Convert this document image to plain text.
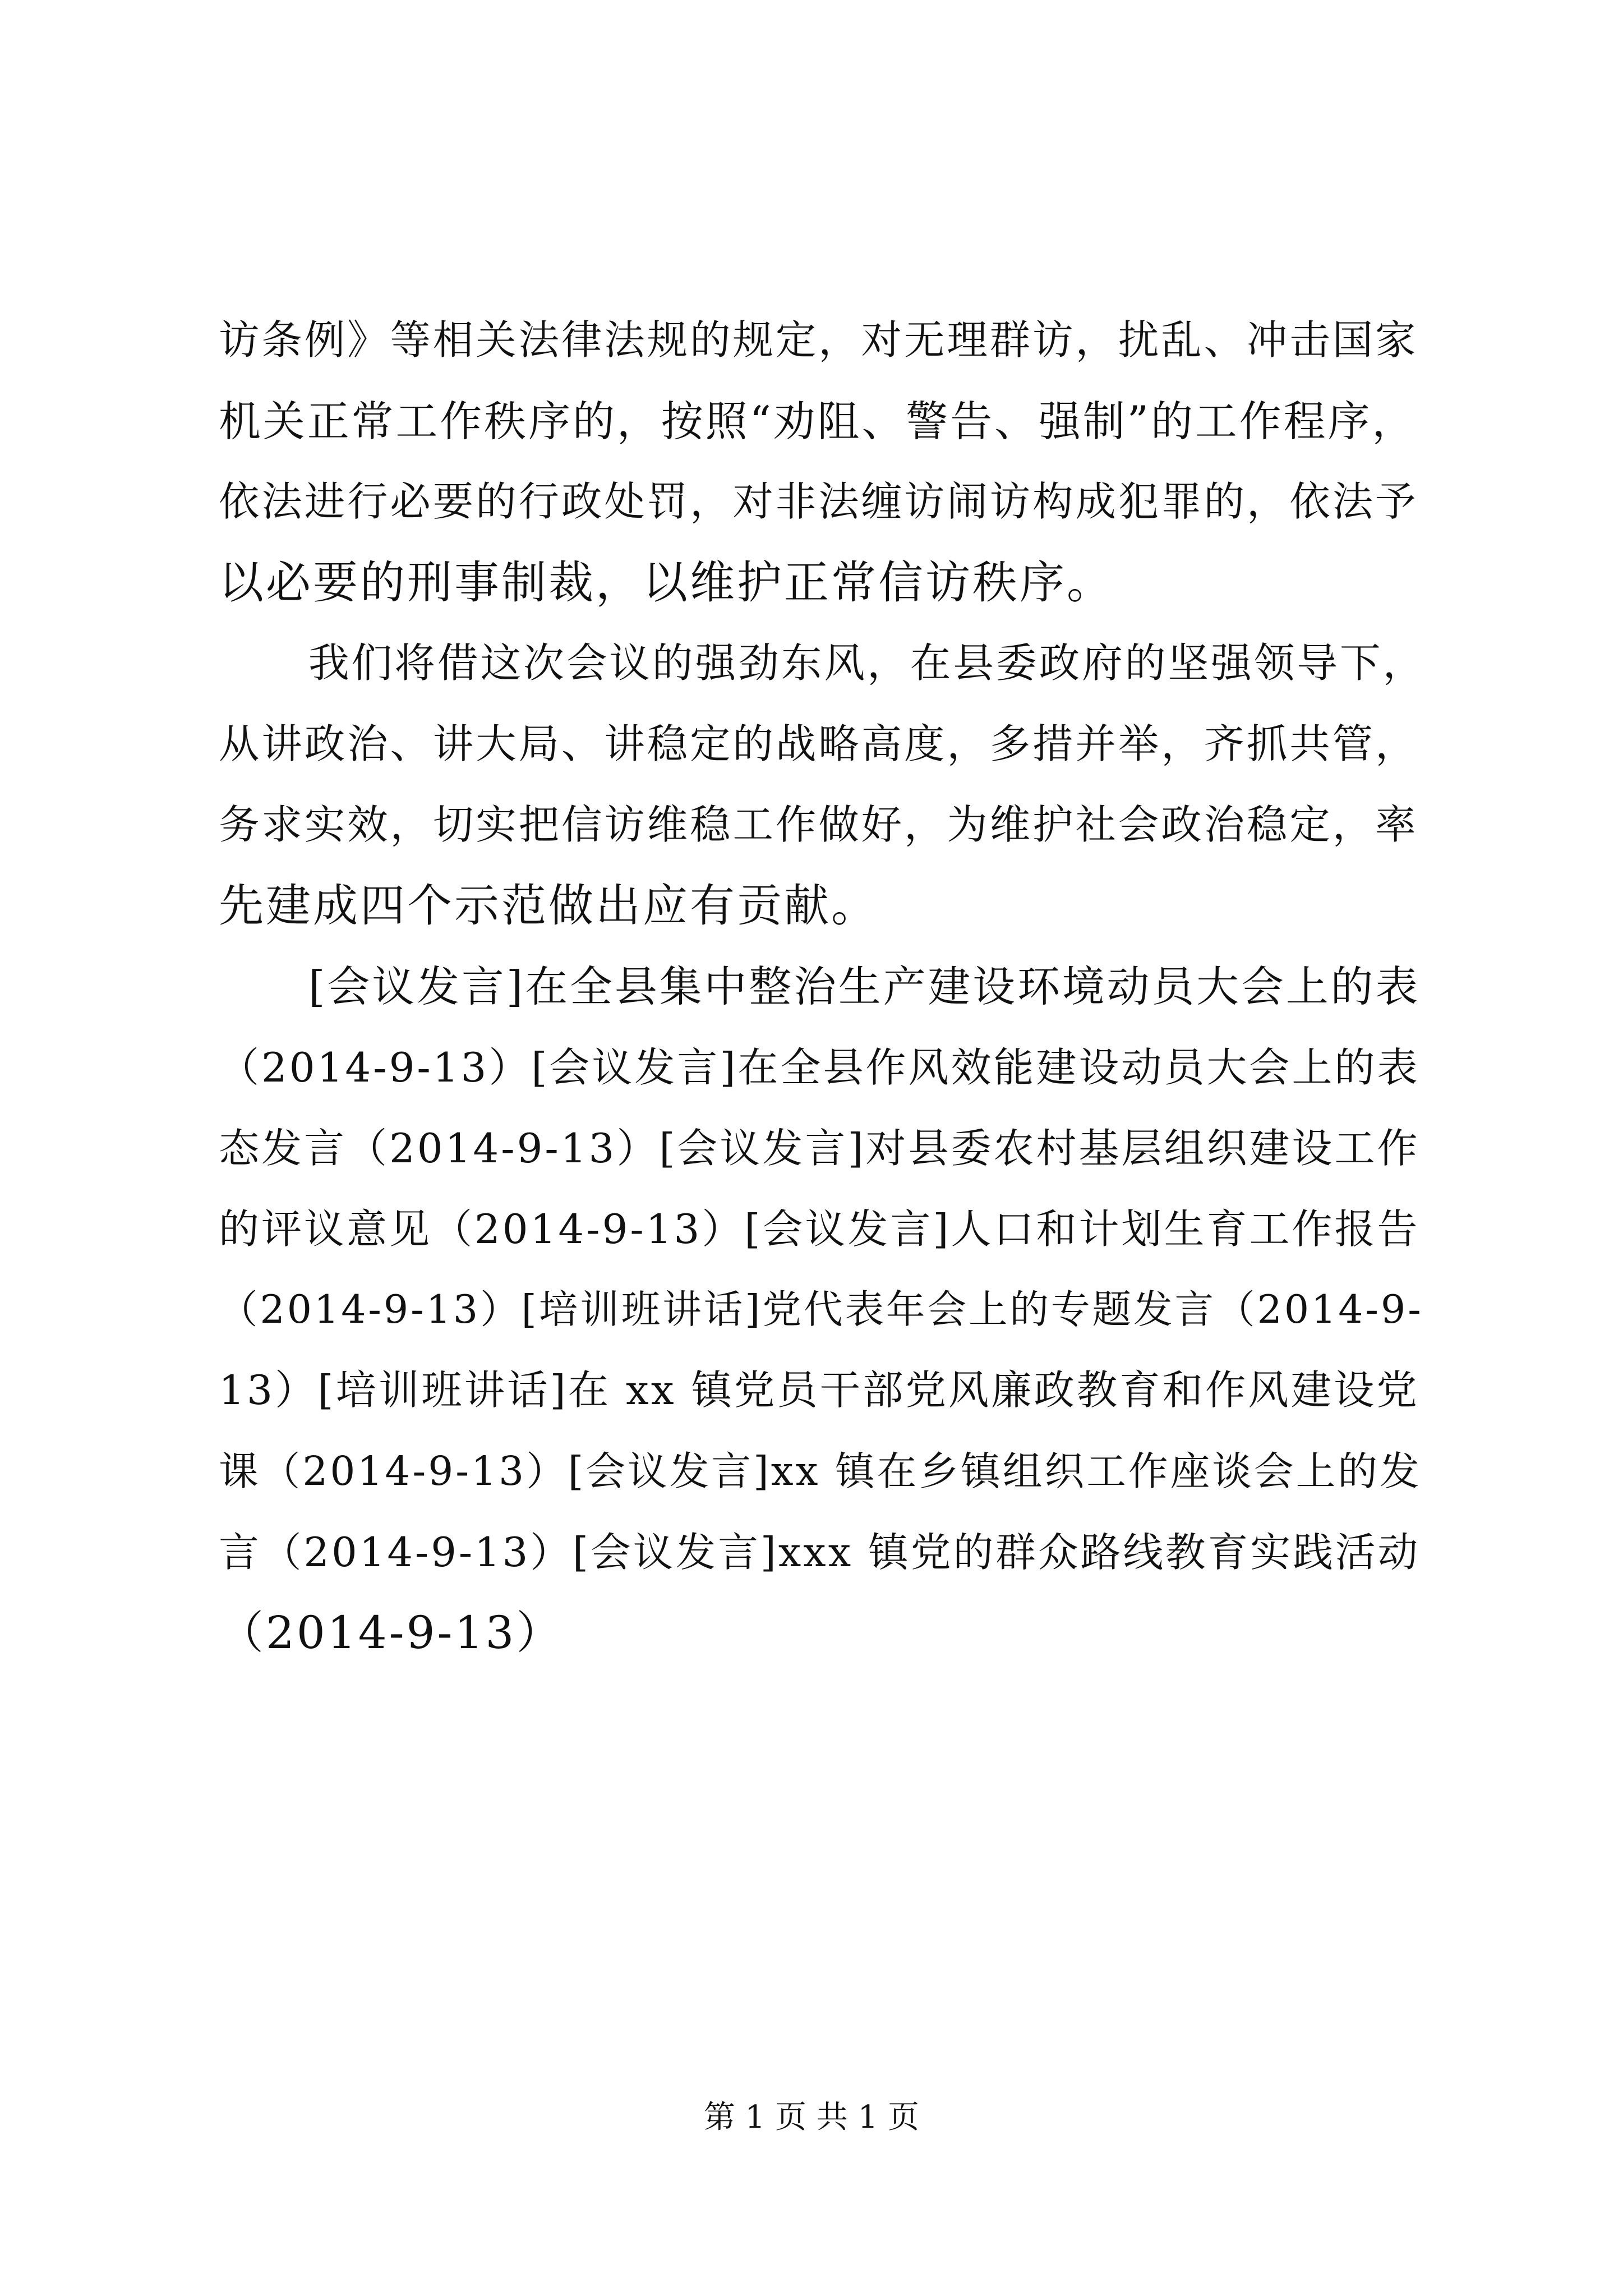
访条例》等相关法律法规的规定，对无理群访，扰乱、冲击国家
机关正常工作秩序的，按照“劝阻、警告、强制”的工作程序，
依法进行必要的行政处罚，对非法缠访闹访构成犯罪的，依法予
以必要的刑事制裁，以维护正常信访秩序。
我们将借这次会议的强劲东风，在县委政府的坚强领导下，
从讲政治、讲大局、讲稳定的战略高度，多措并举，齐抓共管，
务求实效，切实把信访维稳工作做好，为维护社会政治稳定，率
先建成四个示范做出应有贡献。
[会议发言]在全县集中整治生产建设环境动员大会上的表
（2014-9-13）[会议发言]在全县作风效能建设动员大会上的表
态发言（2014-9-13）[会议发言]对县委农村基层组织建设工作
的评议意见（2014-9-13）[会议发言]人口和计划生育工作报告
（2014-9-13）[培训班讲话]党代表年会上的专题发言（2014-9-
13）[培训班讲话]在 xx 镇党员干部党风廉政教育和作风建设党
课（2014-9-13）[会议发言]xx 镇在乡镇组织工作座谈会上的发
言（2014-9-13）[会议发言]xxx 镇党的群众路线教育实践活动
（2014-9-13）
第 1 页 共 1 页
